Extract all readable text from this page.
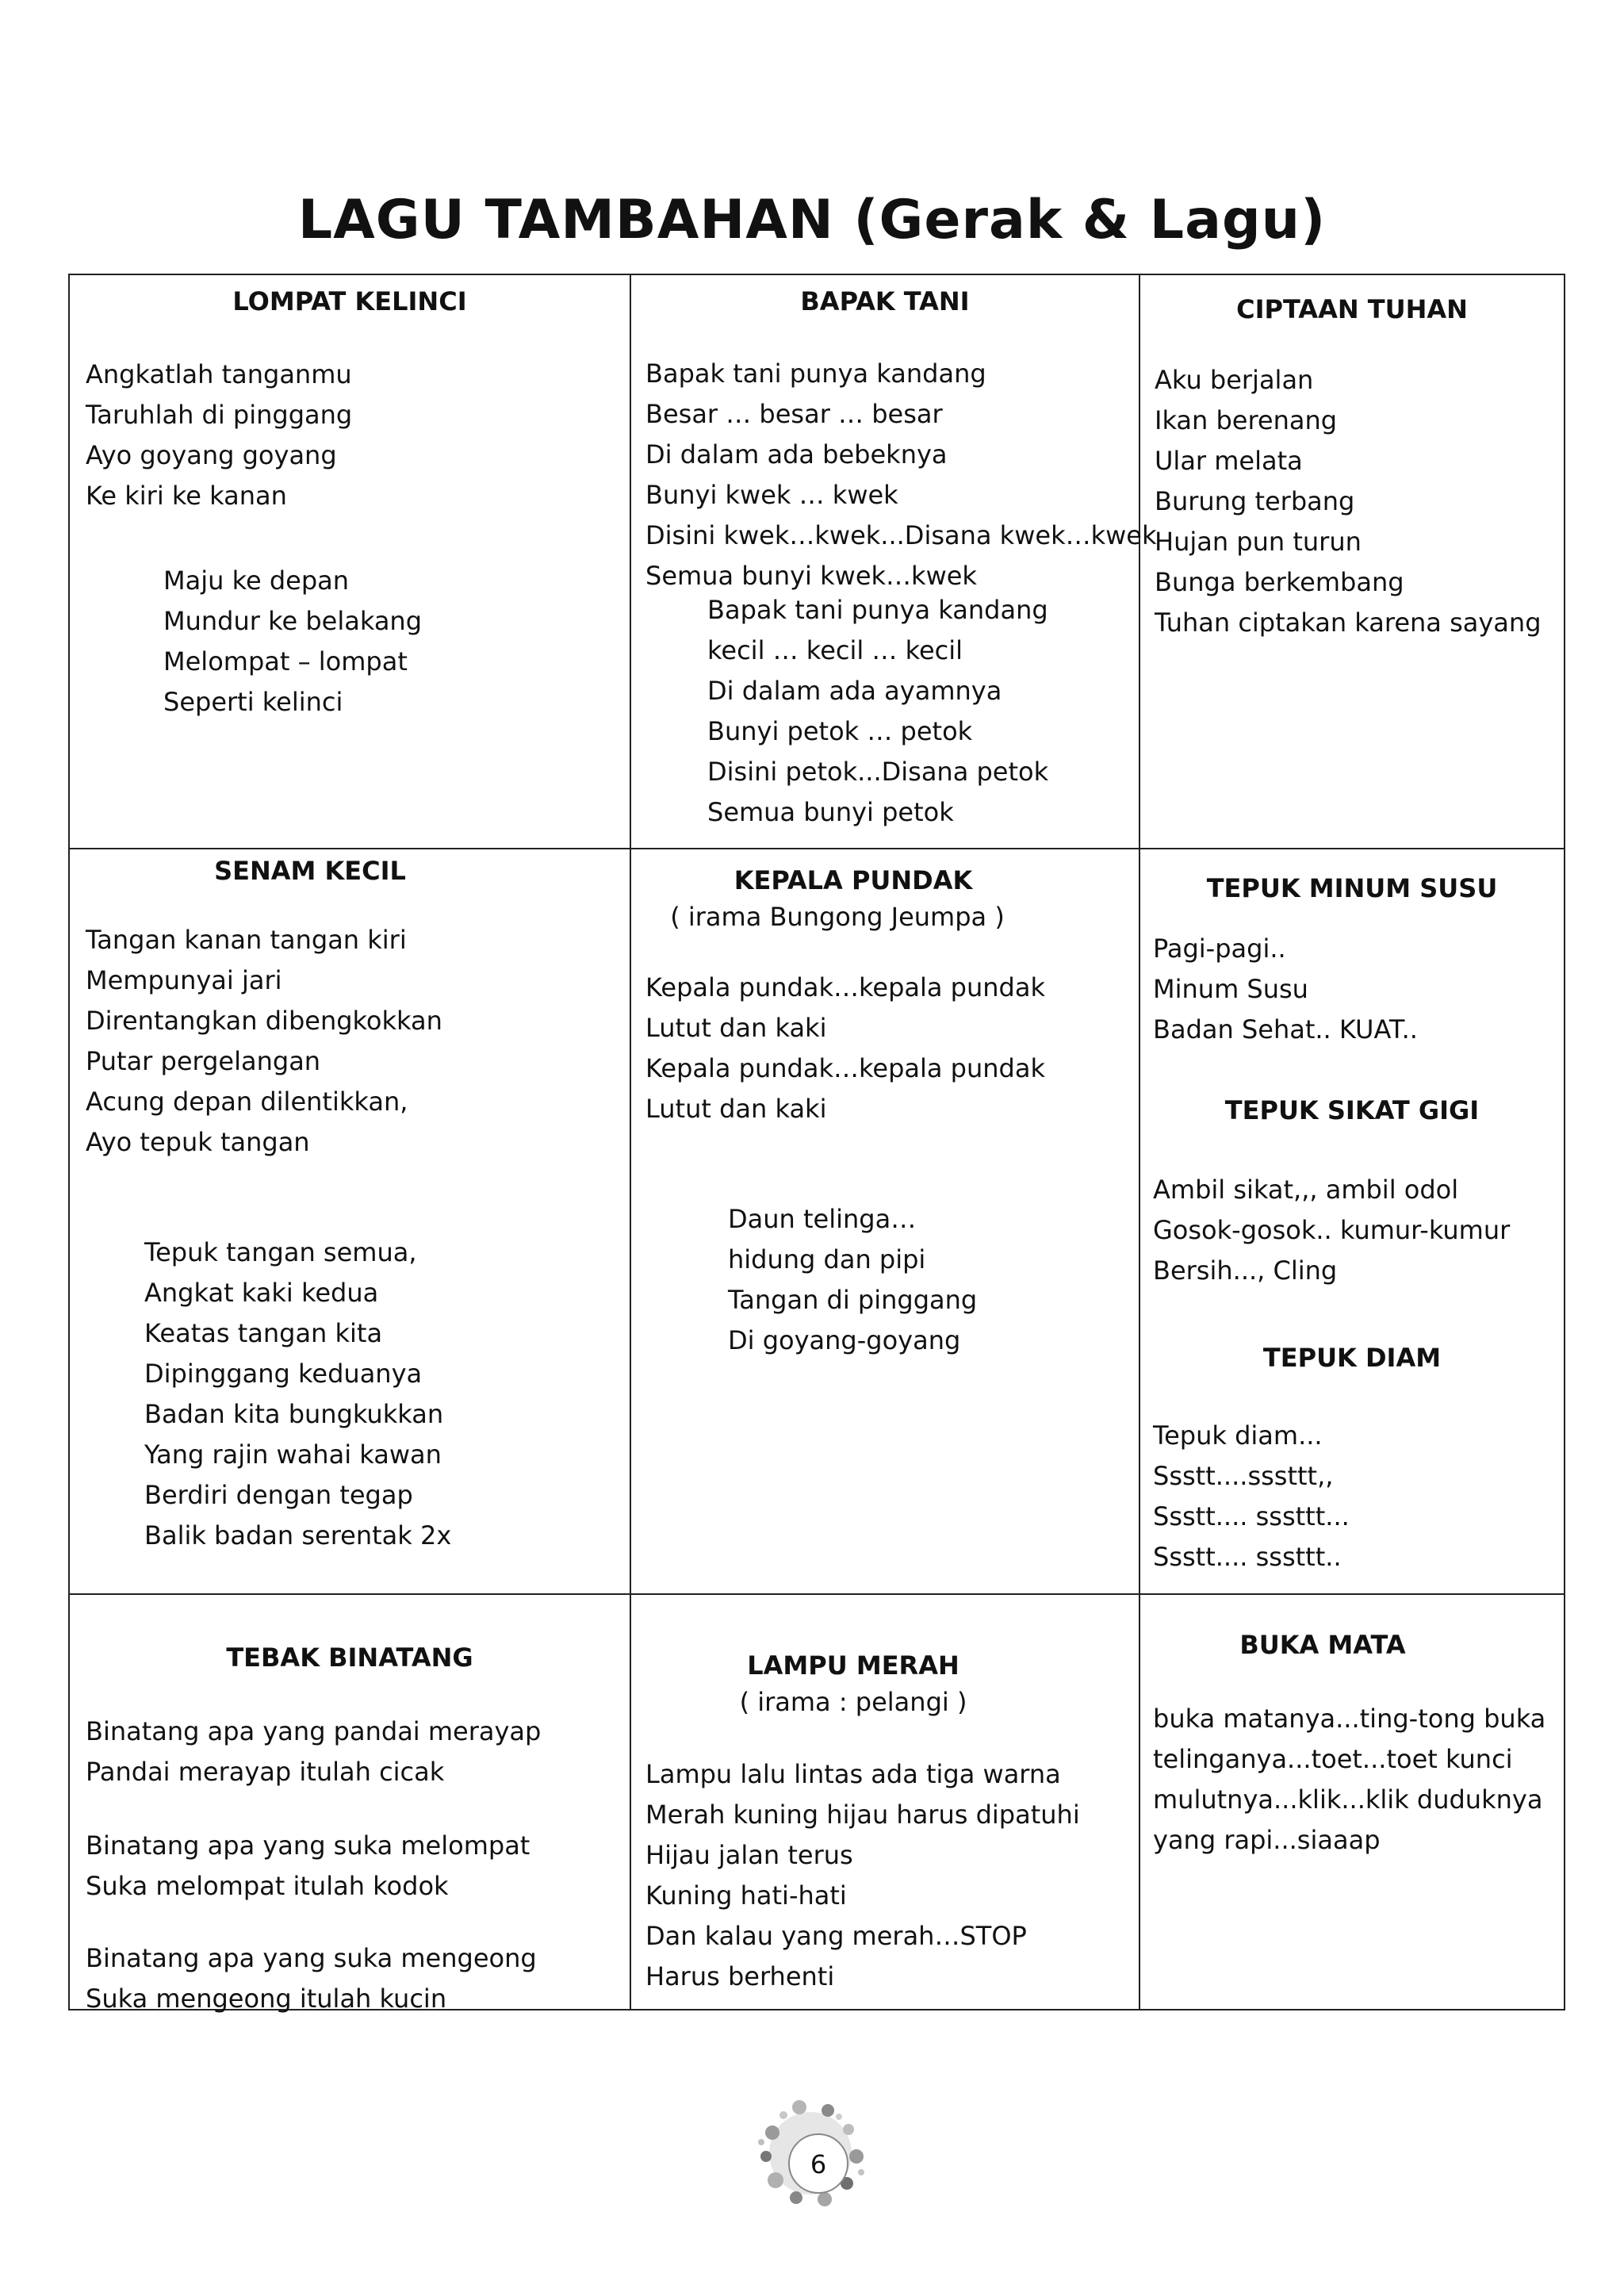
LAGU TAMBAHAN (Gerak & Lagu)
LOMPAT KELINCI
Angkatlah tanganmu
Taruhlah di pinggang
Ayo goyang goyang
Ke kiri ke kanan
Maju ke depan
Mundur ke belakang
Melompat – lompat
Seperti kelinci
BAPAK TANI
Bapak tani punya kandang
Besar … besar … besar
Di dalam ada bebeknya
Bunyi kwek … kwek
Disini kwek…kwek...Disana kwek…kwek
Semua bunyi kwek…kwek
Bapak tani punya kandang
kecil … kecil … kecil
Di dalam ada ayamnya
Bunyi petok … petok
Disini petok...Disana petok
Semua bunyi petok
CIPTAAN TUHAN
Aku berjalan
Ikan berenang
Ular melata
Burung terbang
Hujan pun turun
Bunga berkembang
Tuhan ciptakan karena sayang
SENAM KECIL
Tangan kanan tangan kiri
Mempunyai jari
Direntangkan dibengkokkan
Putar pergelangan
Acung depan dilentikkan,
Ayo tepuk tangan
Tepuk tangan semua,
Angkat kaki kedua
Keatas tangan kita
Dipinggang keduanya
Badan kita bungkukkan
Yang rajin wahai kawan
Berdiri dengan tegap
Balik badan serentak 2x
KEPALA PUNDAK
( irama Bungong Jeumpa )
Kepala pundak…kepala pundak
Lutut dan kaki
Kepala pundak…kepala pundak
Lutut dan kaki
Daun telinga…
hidung dan pipi
Tangan di pinggang
Di goyang-goyang
TEPUK MINUM SUSU
Pagi-pagi..
Minum Susu
Badan Sehat.. KUAT..
TEPUK SIKAT GIGI
Ambil sikat,,, ambil odol
Gosok-gosok.. kumur-kumur
Bersih..., Cling
TEPUK DIAM
Tepuk diam...
Ssstt....sssttt,,
Ssstt.... sssttt...
Ssstt.... sssttt..
TEBAK BINATANG
Binatang apa yang pandai merayap
Pandai merayap itulah cicak
Binatang apa yang suka melompat
Suka melompat itulah kodok
Binatang apa yang suka mengeong
Suka mengeong itulah kucin
LAMPU MERAH
( irama : pelangi )
Lampu lalu lintas ada tiga warna
Merah kuning hijau harus dipatuhi
Hijau jalan terus
Kuning hati-hati
Dan kalau yang merah…STOP
Harus berhenti
BUKA MATA
buka matanya...ting-tong buka
telinganya...toet...toet kunci
mulutnya...klik...klik duduknya
yang rapi...siaaap
6
